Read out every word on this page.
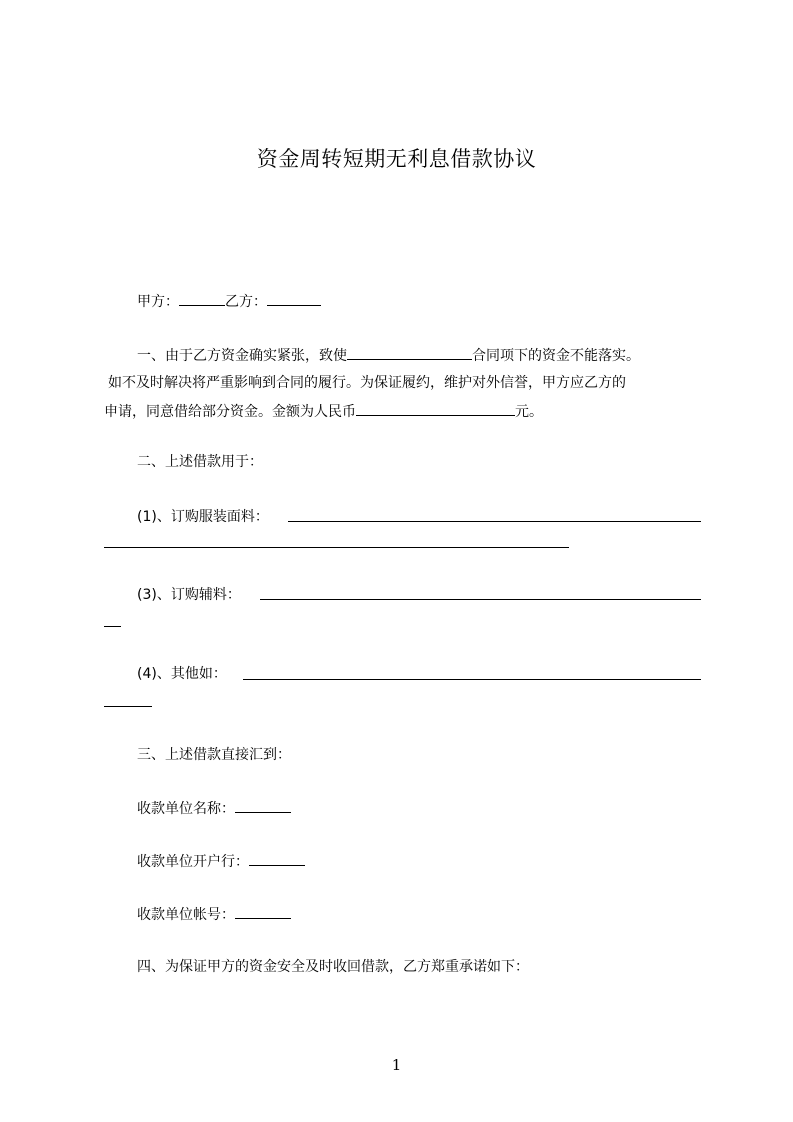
资金周转短期无利息借款协议
甲方：	乙方：
一、由于乙方资金确实紧张，致使	合同项下的资金不能落实。
如不及时解决将严重影响到合同的履行。为保证履约，维护对外信誉，甲方应乙方的
申请，同意借给部分资金。金额为人民币	元。
二、上述借款用于：
(1)、订购服装面料：
(3)、订购辅料：
(4)、其他如：
三、上述借款直接汇到：
收款单位名称：
收款单位开户行：
收款单位帐号：
四、为保证甲方的资金安全及时收回借款，乙方郑重承诺如下：
1
